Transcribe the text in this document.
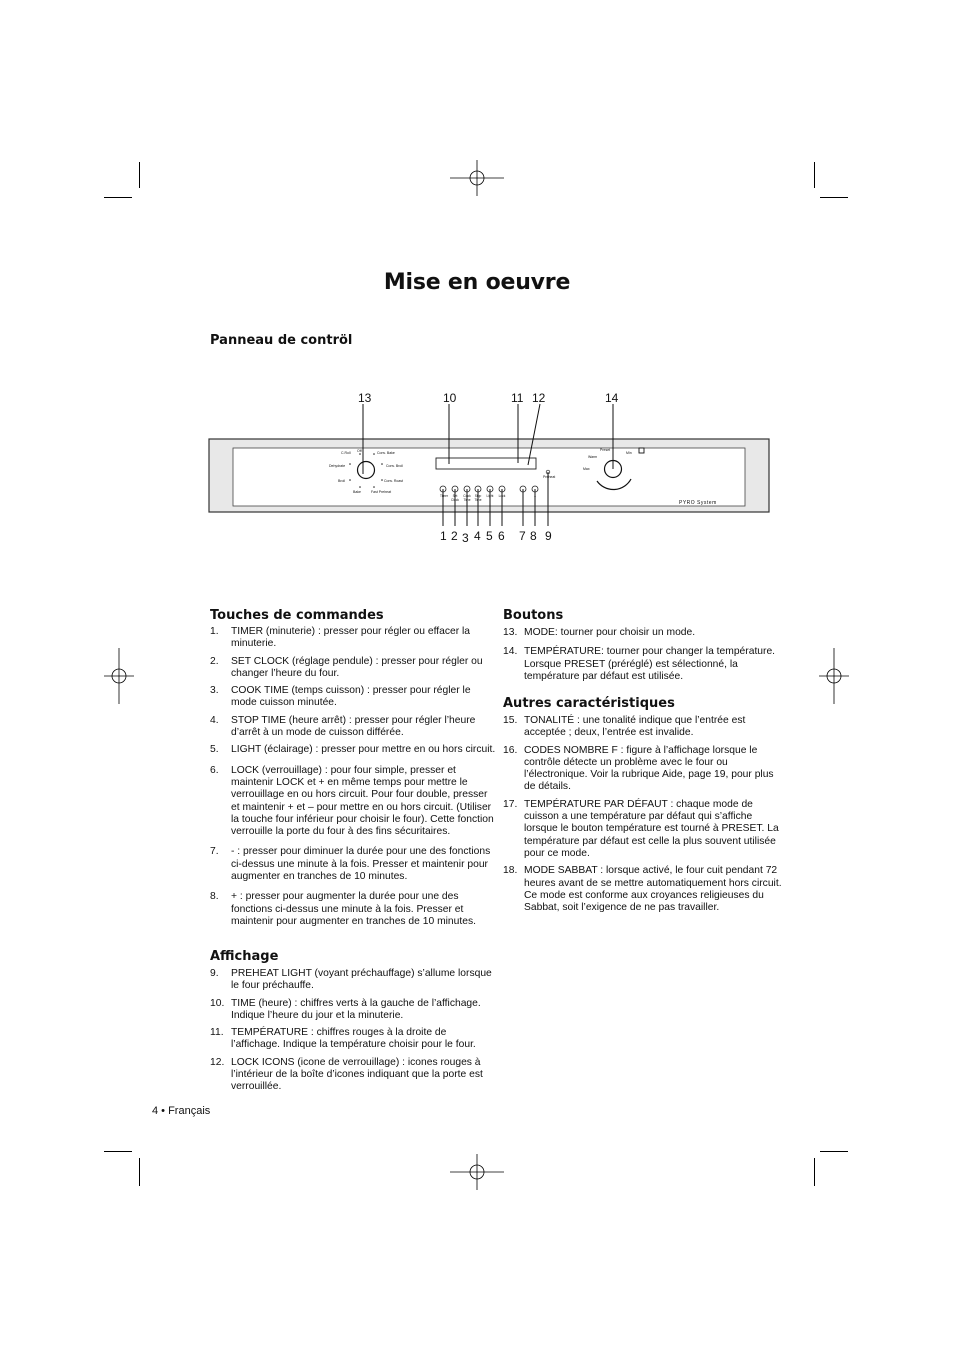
Mise en oeuvre
Panneau de contröl
Off
C.Roll	Conv. Bake
Conv. Broil
Conv. Roast
Dehydrate
Broil
Bake	Fast Preheat
Preset
Warm
Max
Min
Preheat
Timer	Set Clock
Cook Time
Stop Time
Light	Lock	-	+
PYRO System
13	10	11 12	14
1 2 3 4 5 6 7 8 9
Touches de commandes
1. TIMER (minuterie) : presser pour régler ou effacer la minuterie.
2. SET CLOCK (réglage pendule) : presser pour régler ou changer l’heure du four.
3. COOK TIME (temps cuisson) : presser pour régler le mode cuisson minutée.
4. STOP TIME (heure arrêt) : presser pour régler l’heure d’arrêt à un mode de cuisson différée.
5. LIGHT (éclairage) : presser pour mettre en ou hors circuit.
6. LOCK (verrouillage) : pour four simple, presser et maintenir LOCK et + en même temps pour mettre le verrouillage en ou hors circuit. Pour four double, presser et maintenir + et – pour mettre en ou hors circuit. (Utiliser la touche four inférieur pour choisir le four). Cette fonction verrouille la porte du four à des fins sécuritaires.
7. - : presser pour diminuer la durée pour une des fonctions ci-dessus une minute à la fois. Presser et maintenir pour augmenter en tranches de 10 minutes.
8. + : presser pour augmenter la durée pour une des fonctions ci-dessus une minute à la fois. Presser et maintenir pour augmenter en tranches de 10 minutes.
Affichage
9. PREHEAT LIGHT (voyant préchauffage) s’allume lorsque le four préchauffe.
10. TIME (heure) : chiffres verts à la gauche de l’affichage. Indique l’heure du jour et la minuterie.
11. TEMPÉRATURE : chiffres rouges à la droite de l’affichage. Indique la température choisir pour le four.
12. LOCK ICONS (icone de verrouillage) : icones rouges à l’intérieur de la boîte d’icones indiquant que la porte est verrouillée.
Boutons
13. MODE: tourner pour choisir un mode.
14. TEMPÉRATURE: tourner pour changer la température. Lorsque PRESET (préréglé) est sélectionné, la température par défaut est utilisée.
Autres caractéristiques
15. TONALITÉ : une tonalité indique que l’entrée est acceptée ; deux, l’entrée est invalide.
16. CODES NOMBRE F : figure à l’affichage lorsque le contrôle détecte un problème avec le four ou l’électronique. Voir la rubrique Aide, page 19, pour plus de détails.
17. TEMPÉRATURE PAR DÉFAUT : chaque mode de cuisson a une température par défaut qui s’affiche lorsque le bouton température est tourné à PRESET. La température par défaut est celle la plus souvent utilisée pour ce mode.
18. MODE SABBAT : lorsque activé, le four cuit pendant 72 heures avant de se mettre automatiquement hors circuit. Ce mode est conforme aux croyances religieuses du Sabbat, soit l’exigence de ne pas travailler.
4 • Français
